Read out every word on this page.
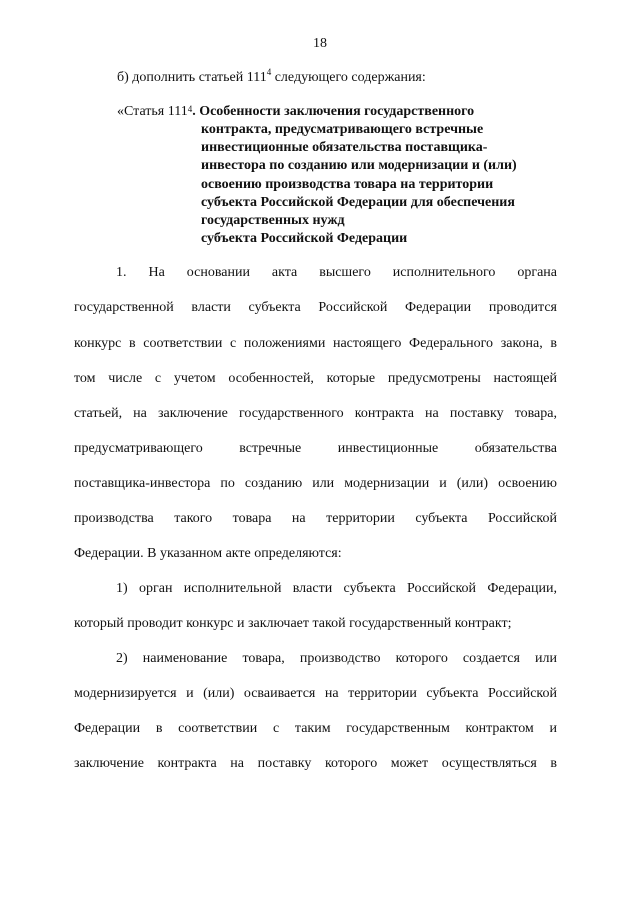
18
б) дополнить статьей $111^4$ следующего содержания:
«Статья $111^4$. Особенности заключения государственного
контракта, предусматривающего встречные
инвестиционные обязательства поставщика-
инвестора по созданию или модернизации и (или)
освоению производства товара на территории
субъекта Российской Федерации для обеспечения
государственных нужд
субъекта Российской Федерации
1. На основании акта высшего исполнительного органа
государственной власти субъекта Российской Федерации проводится
конкурс в соответствии с положениями настоящего Федерального закона, в
том числе с учетом особенностей, которые предусмотрены настоящей
статьей, на заключение государственного контракта на поставку товара,
предусматривающего встречные инвестиционные обязательства
поставщика-инвестора по созданию или модернизации и (или) освоению
производства такого товара на территории субъекта Российской
Федерации. В указанном акте определяются:
1) орган исполнительной власти субъекта Российской Федерации,
который проводит конкурс и заключает такой государственный контракт;
2) наименование товара, производство которого создается или
модернизируется и (или) осваивается на территории субъекта Российской
Федерации в соответствии с таким государственным контрактом и
заключение контракта на поставку которого может осуществляться в
